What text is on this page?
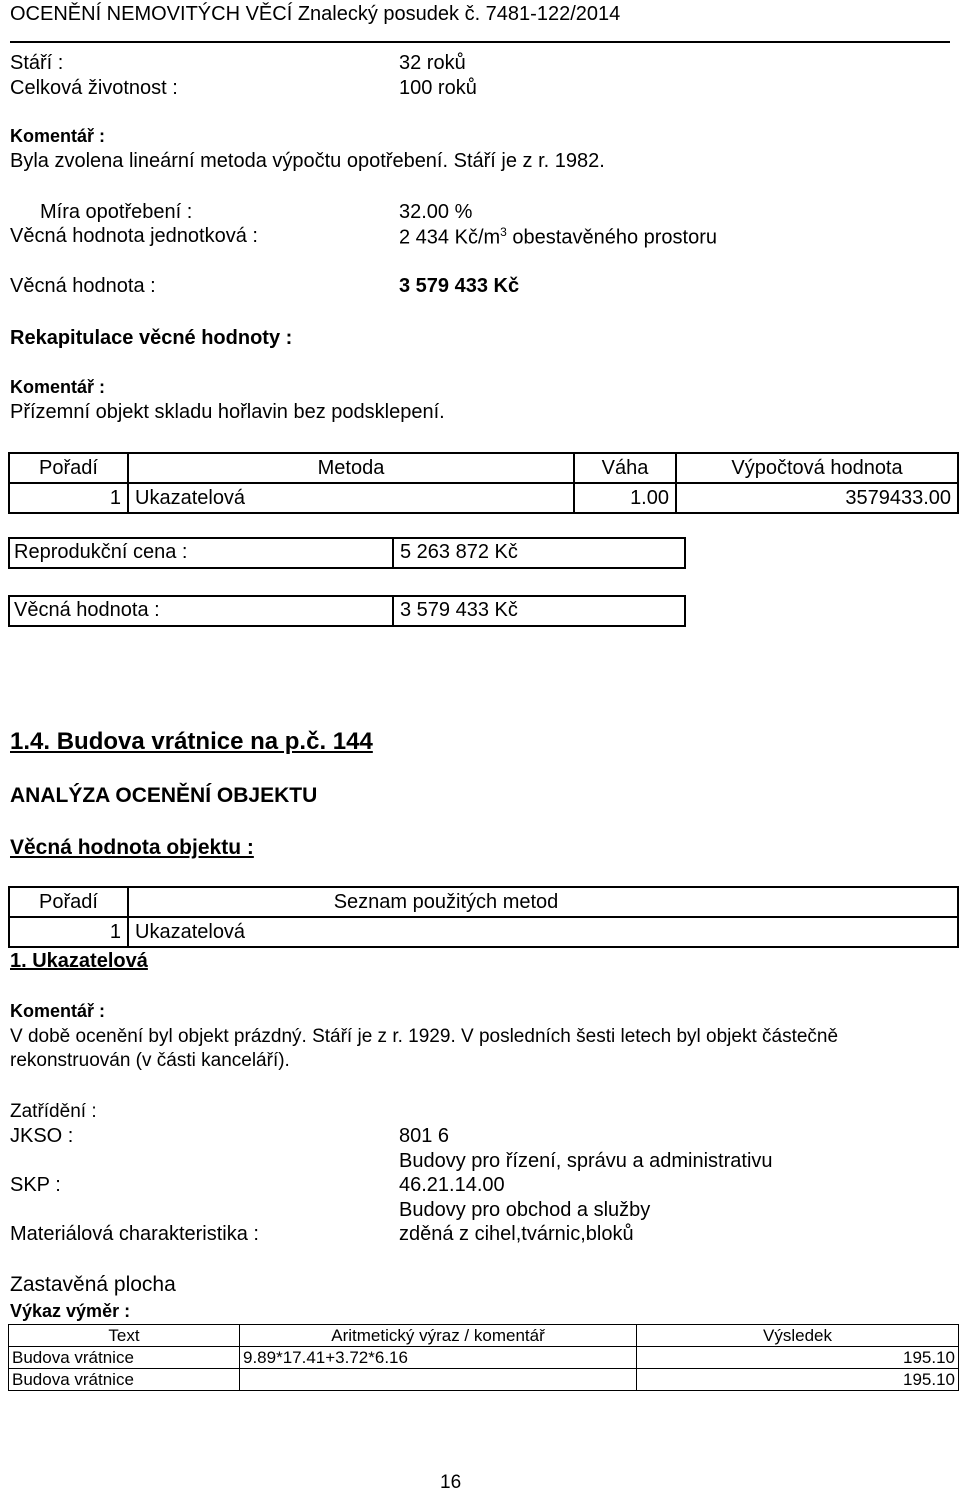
OCENĚNÍ NEMOVITÝCH VĚCÍ Znalecký posudek č. 7481-122/2014
Stáří :	32 roků
Celková životnost :	100 roků
Komentář :
Byla zvolena lineární metoda výpočtu opotřebení. Stáří je z r. 1982.
Míra opotřebení :	32.00 %
Věcná hodnota jednotková :	2 434 $Kč/m^3$ obestavěného prostoru
Věcná hodnota :	3 579 433 Kč
Rekapitulace věcné hodnoty :
Komentář :
Přízemní objekt skladu hořlavin bez podsklepení.
Pořadí	Metoda	Váha	Výpočtová hodnota
1	Ukazatelová	1.00	3579433.00
Reprodukční cena :	5 263 872 Kč
Věcná hodnota :	3 579 433 Kč
1.4. Budova vrátnice na p.č. 144
ANALÝZA OCENĚNÍ OBJEKTU
Věcná hodnota objektu :
Pořadí	Seznam použitých metod
1	Ukazatelová
1. Ukazatelová
Komentář :
V době ocenění byl objekt prázdný. Stáří je z r. 1929. V posledních šesti letech byl objekt částečně
rekonstruován (v části kanceláří).
Zatřídění :
JKSO :	801 6
Budovy pro řízení, správu a administrativu
SKP :	46.21.14.00
Budovy pro obchod a služby
Materiálová charakteristika :	zděná z cihel,tvárnic,bloků
Zastavěná plocha
Výkaz výměr :
Text	Aritmetický výraz / komentář	Výsledek
Budova vrátnice	9.89*17.41+3.72*6.16	195.10
Budova vrátnice		195.10
16
